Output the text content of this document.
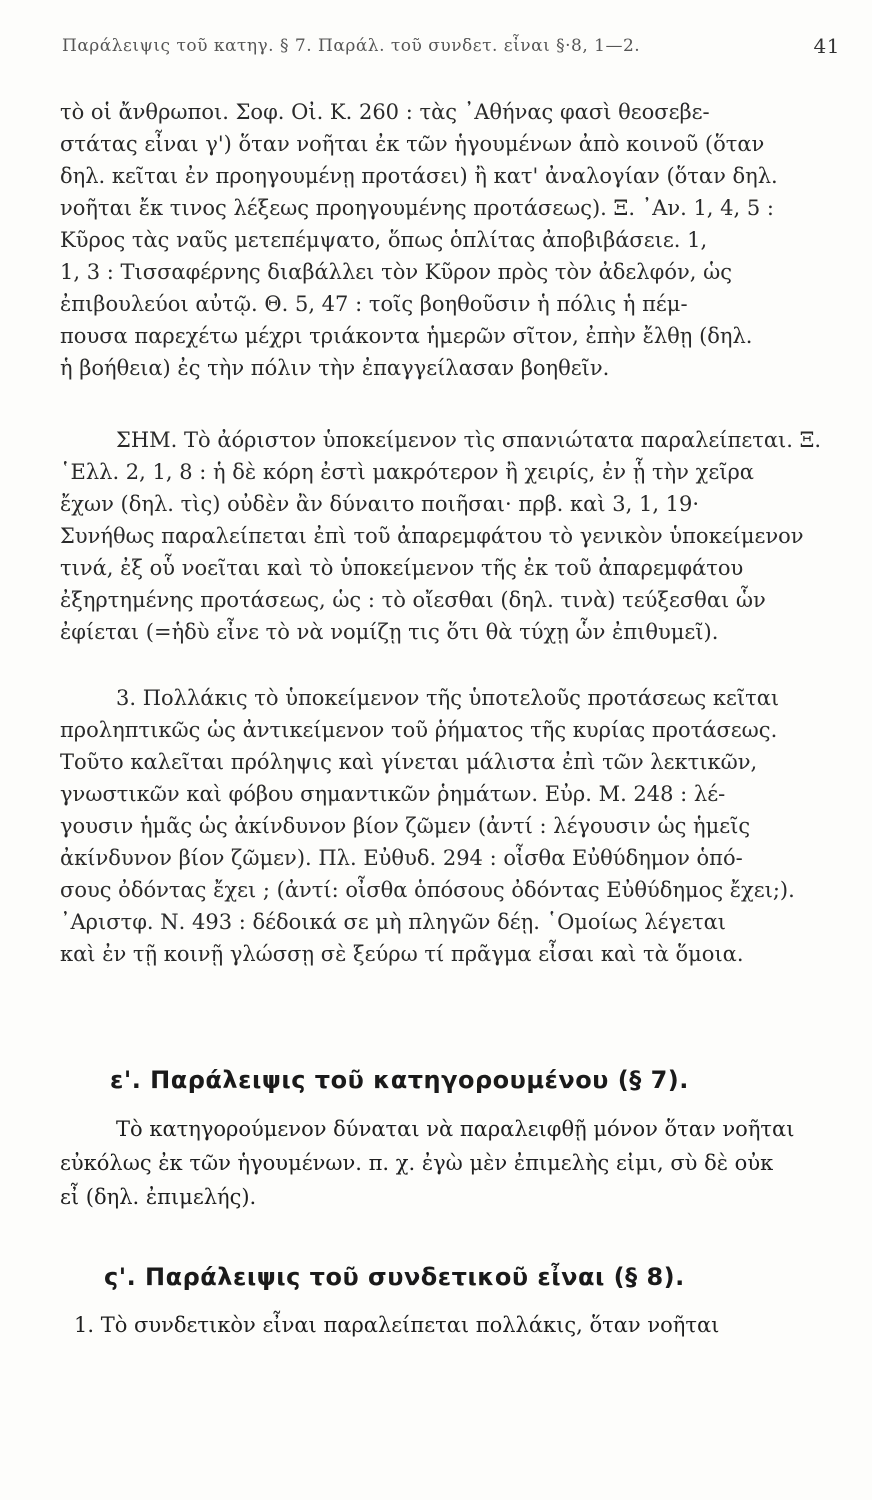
Παράλειψις τοῦ κατηγ. § 7. Παράλ. τοῦ συνδετ. εἶναι §·8, 1—2.	41
τὸ οἱ ἄνθρωποι. Σοφ. Οἰ. Κ. 260 : τὰς ᾿Αθήνας φασὶ θεοσεβε-
στάτας εἶναι γ') ὅταν νοῆται ἐκ τῶν ἡγουμένων ἀπὸ κοινοῦ (ὅταν
δηλ. κεῖται ἐν προηγουμένῃ προτάσει) ἢ κατ' ἀναλογίαν (ὅταν δηλ.
νοῆται ἔκ τινος λέξεως προηγουμένης προτάσεως). Ξ. ᾿Αν. 1, 4, 5 :
Κῦρος τὰς ναῦς μετεπέμψατο, ὅπως ὁπλίτας ἀποβιβάσειε. 1,
1, 3 : Τισσαφέρνης διαβάλλει τὸν Κῦρον πρὸς τὸν ἀδελφόν, ὡς
ἐπιβουλεύοι αὐτῷ. Θ. 5, 47 : τοῖς βοηθοῦσιν ἡ πόλις ἡ πέμ-
πουσα παρεχέτω μέχρι τριάκοντα ἡμερῶν σῖτον, ἐπὴν ἔλθῃ (δηλ.
ἡ βοήθεια) ἐς τὴν πόλιν τὴν ἐπαγγείλασαν βοηθεῖν.
ΣΗΜ. Τὸ ἀόριστον ὑποκείμενον τὶς σπανιώτατα παραλείπεται. Ξ.
῾Ελλ. 2, 1, 8 : ἡ δὲ κόρη ἐστὶ μακρότερον ἢ χειρίς, ἐν ᾗ τὴν χεῖρα
ἔχων (δηλ. τὶς) οὐδὲν ἂν δύναιτο ποιῆσαι· πρβ. καὶ 3, 1, 19·
Συνήθως παραλείπεται ἐπὶ τοῦ ἀπαρεμφάτου τὸ γενικὸν ὑποκείμενον
τινά, ἐξ οὗ νοεῖται καὶ τὸ ὑποκείμενον τῆς ἐκ τοῦ ἀπαρεμφάτου
ἐξηρτημένης προτάσεως, ὡς : τὸ οἴεσθαι (δηλ. τινὰ) τεύξεσθαι ὧν
ἐφίεται (=ἡδὺ εἶνε τὸ νὰ νομίζῃ τις ὅτι θὰ τύχῃ ὧν ἐπιθυμεῖ).
3. Πολλάκις τὸ ὑποκείμενον τῆς ὑποτελοῦς προτάσεως κεῖται
προληπτικῶς ὡς ἀντικείμενον τοῦ ῥήματος τῆς κυρίας προτάσεως.
Τοῦτο καλεῖται πρόληψις καὶ γίνεται μάλιστα ἐπὶ τῶν λεκτικῶν,
γνωστικῶν καὶ φόβου σημαντικῶν ῥημάτων. Εὐρ. Μ. 248 : λέ-
γουσιν ἡμᾶς ὡς ἀκίνδυνον βίον ζῶμεν (ἀντί : λέγουσιν ὡς ἡμεῖς
ἀκίνδυνον βίον ζῶμεν). Πλ. Εὐθυδ. 294 : οἶσθα Εὐθύδημον ὁπό-
σους ὀδόντας ἔχει ; (ἀντί: οἶσθα ὁπόσους ὀδόντας Εὐθύδημος ἔχει;).
᾿Αριστφ. Ν. 493 : δέδοικά σε μὴ πληγῶν δέῃ. ῾Ομοίως λέγεται
καὶ ἐν τῇ κοινῇ γλώσσῃ σὲ ξεύρω τί πρᾶγμα εἶσαι καὶ τὰ ὅμοια.
ε'. Παράλειψις τοῦ κατηγορουμένου (§ 7).
Τὸ κατηγορούμενον δύναται νὰ παραλειφθῇ μόνον ὅταν νοῆται
εὐκόλως ἐκ τῶν ἡγουμένων. π. χ. ἐγὼ μὲν ἐπιμελὴς εἰμι, σὺ δὲ οὐκ
εἶ (δηλ. ἐπιμελής).
ς'. Παράλειψις τοῦ συνδετικοῦ εἶναι (§ 8).
1. Τὸ συνδετικὸν εἶναι παραλείπεται πολλάκις, ὅταν νοῆται
